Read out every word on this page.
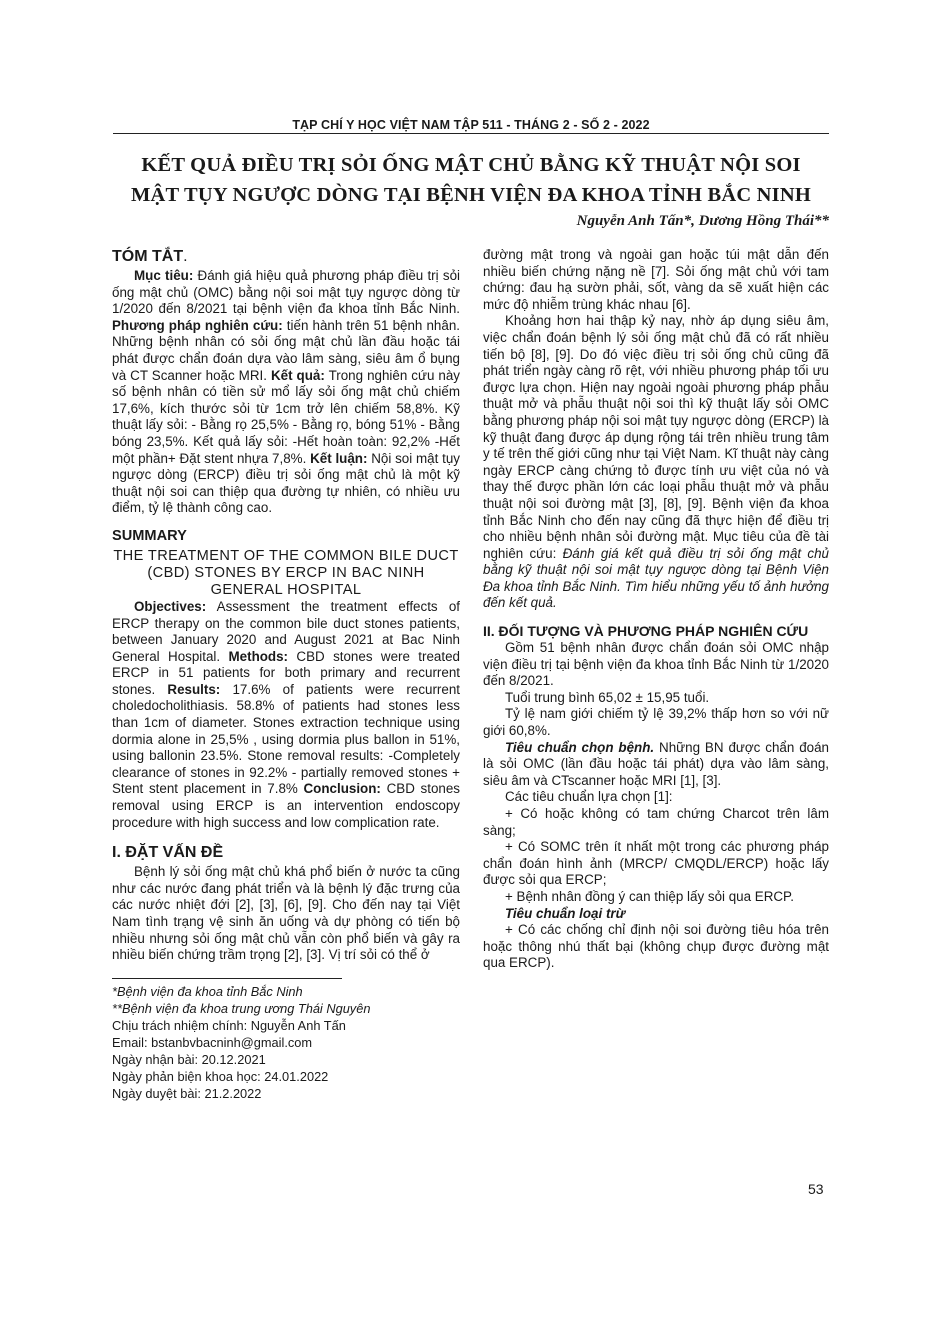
TẠP CHÍ Y HỌC VIỆT NAM TẬP 511 - THÁNG 2 - SỐ 2 - 2022
KẾT QUẢ ĐIỀU TRỊ SỎI ỐNG MẬT CHỦ BẰNG KỸ THUẬT NỘI SOI
MẬT TỤY NGƯỢC DÒNG TẠI BỆNH VIỆN ĐA KHOA TỈNH BẮC NINH
Nguyễn Anh Tấn*, Dương Hồng Thái**
TÓM TẮT.

Mục tiêu: Đánh giá hiệu quả phương pháp điều trị sỏi ống mật chủ (OMC) bằng nội soi mật tụy ngược dòng từ 1/2020 đến 8/2021 tại bệnh viện đa khoa tỉnh Bắc Ninh. Phương pháp nghiên cứu: tiến hành trên 51 bệnh nhân. Những bệnh nhân có sỏi ống mật chủ lần đầu hoặc tái phát được chẩn đoán dựa vào lâm sàng, siêu âm ổ bụng và CT Scanner hoặc MRI. Kết quả: Trong nghiên cứu này số bệnh nhân có tiền sử mổ lấy sỏi ống mật chủ chiếm 17,6%, kích thước sỏi từ 1cm trở lên chiếm 58,8%. Kỹ thuật lấy sỏi: - Bằng rọ 25,5% - Bằng rọ, bóng 51% - Bằng bóng 23,5%. Kết quả lấy sỏi: -Hết hoàn toàn: 92,2% -Hết một phần+ Đặt stent nhựa 7,8%. Kết luận: Nội soi mật tụy ngược dòng (ERCP) điều trị sỏi ống mật chủ là một kỹ thuật nội soi can thiệp qua đường tự nhiên, có nhiều ưu điểm, tỷ lệ thành công cao.

SUMMARY
THE TREATMENT OF THE COMMON BILE DUCT (CBD) STONES BY ERCP IN BAC NINH GENERAL HOSPITAL

Objectives: Assessment the treatment effects of ERCP therapy on the common bile duct stones patients, between January 2020 and August 2021 at Bac Ninh General Hospital. Methods: CBD stones were treated ERCP in 51 patients for both primary and recurrent stones. Results: 17.6% of patients were recurrent choledocholithiasis. 58.8% of patients had stones less than 1cm of diameter. Stones extraction technique using dormia alone in 25,5% , using dormia plus ballon in 51%, using ballonin 23.5%. Stone removal results: -Completely clearance of stones in 92.2% - partially removed stones + Stent stent placement in 7.8% Conclusion: CBD stones removal using ERCP is an intervention endoscopy procedure with high success and low complication rate.

I. ĐẶT VẤN ĐỀ

Bệnh lý sỏi ống mật chủ khá phổ biến ở nước ta cũng như các nước đang phát triển và là bệnh lý đặc trưng của các nước nhiệt đới [2], [3], [6], [9]. Cho đến nay tại Việt Nam tình trạng vệ sinh ăn uống và dự phòng có tiến bộ nhiều nhưng sỏi ống mật chủ vẫn còn phổ biến và gây ra nhiều biến chứng trầm trọng [2], [3]. Vị trí sỏi có thể ở

*Bệnh viện đa khoa tỉnh Bắc Ninh
**Bệnh viện đa khoa trung ương Thái Nguyên
Chịu trách nhiệm chính: Nguyễn Anh Tấn
Email: bstanbvbacninh@gmail.com
Ngày nhận bài: 20.12.2021
Ngày phản biện khoa học: 24.01.2022
Ngày duyệt bài: 21.2.2022

đường mật trong và ngoài gan hoặc túi mật dẫn đến nhiều biến chứng nặng nề [7]. Sỏi ống mật chủ với tam chứng: đau hạ sườn phải, sốt, vàng da sẽ xuất hiện các mức độ nhiễm trùng khác nhau [6].

Khoảng hơn hai thập kỷ nay, nhờ áp dụng siêu âm, việc chẩn đoán bệnh lý sỏi ống mật chủ đã có rất nhiều tiến bộ [8], [9]. Do đó việc điều trị sỏi ống chủ cũng đã phát triển ngày càng rõ rệt, với nhiều phương pháp tối ưu được lựa chọn. Hiện nay ngoài ngoài phương pháp phẫu thuật mở và phẫu thuật nội soi thì kỹ thuật lấy sỏi OMC bằng phương pháp nội soi mật tụy ngược dòng (ERCP) là kỹ thuật đang được áp dụng rộng tái trên nhiều trung tâm y tế trên thế giới cũng như tại Việt Nam. Kĩ thuật này càng ngày ERCP càng chứng tỏ được tính ưu việt của nó và thay thế được phần lớn các loại phẫu thuật mở và phẫu thuật nội soi đường mật [3], [8], [9]. Bệnh viện đa khoa tỉnh Bắc Ninh cho đến nay cũng đã thực hiện để điều trị cho nhiều bệnh nhân sỏi đường mật. Mục tiêu của đề tài nghiên cứu: Đánh giá kết quả điều trị sỏi ống mật chủ bằng kỹ thuật nội soi mật tụy ngược dòng tại Bệnh Viện Đa khoa tỉnh Bắc Ninh. Tìm hiểu những yếu tố ảnh hưởng đến kết quả.

II. ĐỐI TƯỢNG VÀ PHƯƠNG PHÁP NGHIÊN CỨU

Gồm 51 bệnh nhân được chẩn đoán sỏi OMC nhập viện điều trị tại bệnh viện đa khoa tỉnh Bắc Ninh từ 1/2020 đến 8/2021.

Tuổi trung bình 65,02 ± 15,95 tuổi.

Tỷ lệ nam giới chiếm tỷ lệ 39,2% thấp hơn so với nữ giới 60,8%.

Tiêu chuẩn chọn bệnh. Những BN được chẩn đoán là sỏi OMC (lần đầu hoặc tái phát) dựa vào lâm sàng, siêu âm và CTscanner hoặc MRI [1], [3].

Các tiêu chuẩn lựa chọn [1]:

+ Có hoặc không có tam chứng Charcot trên lâm sàng;

+ Có SOMC trên ít nhất một trong các phương pháp chẩn đoán hình ảnh (MRCP/ CMQDL/ERCP) hoặc lấy được sỏi qua ERCP;

+ Bệnh nhân đồng ý can thiệp lấy sỏi qua ERCP.

Tiêu chuẩn loại trừ

+ Có các chống chỉ định nội soi đường tiêu hóa trên hoặc thông nhú thất bại (không chụp được đường mật qua ERCP).

53
